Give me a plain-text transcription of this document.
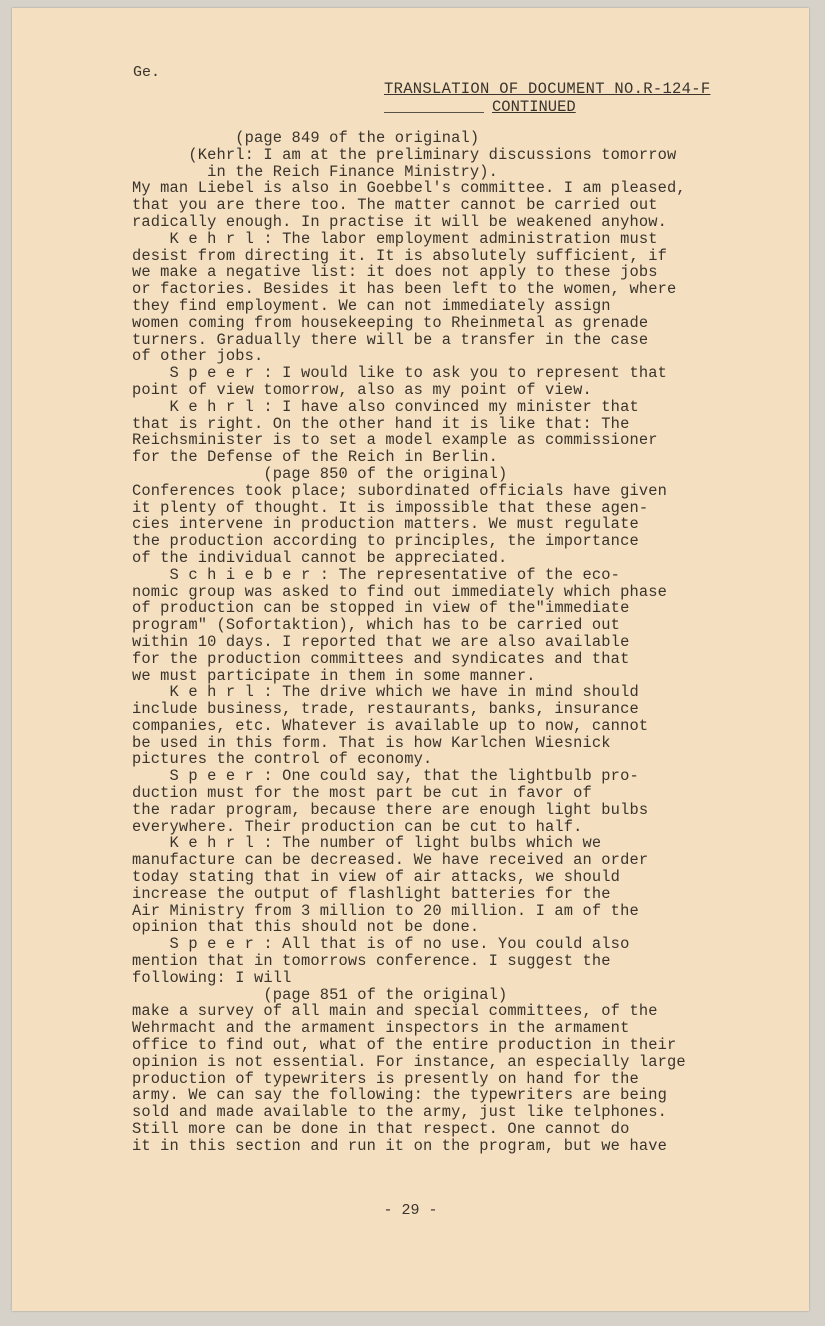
Ge.

TRANSLATION OF DOCUMENT NO.R-124-F

CONTINUED

(page 849 of the original)
(Kehrl: I am at the preliminary discussions tomorrow
in the Reich Finance Ministry).
My man Liebel is also in Goebbel's committee. I am pleased,
that you are there too. The matter cannot be carried out
radically enough. In practise it will be weakened anyhow.
K e h r l : The labor employment administration must
desist from directing it. It is absolutely sufficient, if
we make a negative list: it does not apply to these jobs
or factories. Besides it has been left to the women, where
they find employment. We can not immediately assign
women coming from housekeeping to Rheinmetal as grenade
turners. Gradually there will be a transfer in the case
of other jobs.
S p e e r : I would like to ask you to represent that
point of view tomorrow, also as my point of view.
K e h r l : I have also convinced my minister that
that is right. On the other hand it is like that: The
Reichsminister is to set a model example as commissioner
for the Defense of the Reich in Berlin.
(page 850 of the original)
Conferences took place; subordinated officials have given
it plenty of thought. It is impossible that these agen-
cies intervene in production matters. We must regulate
the production according to principles, the importance
of the individual cannot be appreciated.
S c h i e b e r : The representative of the eco-
nomic group was asked to find out immediately which phase
of production can be stopped in view of the"immediate
program" (Sofortaktion), which has to be carried out
within 10 days. I reported that we are also available
for the production committees and syndicates and that
we must participate in them in some manner.
K e h r l : The drive which we have in mind should
include business, trade, restaurants, banks, insurance
companies, etc. Whatever is available up to now, cannot
be used in this form. That is how Karlchen Wiesnick
pictures the control of economy.
S p e e r : One could say, that the lightbulb pro-
duction must for the most part be cut in favor of
the radar program, because there are enough light bulbs
everywhere. Their production can be cut to half.
K e h r l : The number of light bulbs which we
manufacture can be decreased. We have received an order
today stating that in view of air attacks, we should
increase the output of flashlight batteries for the
Air Ministry from 3 million to 20 million. I am of the
opinion that this should not be done.
S p e e r : All that is of no use. You could also
mention that in tomorrows conference. I suggest the
following: I will
(page 851 of the original)
make a survey of all main and special committees, of the
Wehrmacht and the armament inspectors in the armament
office to find out, what of the entire production in their
opinion is not essential. For instance, an especially large
production of typewriters is presently on hand for the
army. We can say the following: the typewriters are being
sold and made available to the army, just like telphones.
Still more can be done in that respect. One cannot do
it in this section and run it on the program, but we have

- 29 -
